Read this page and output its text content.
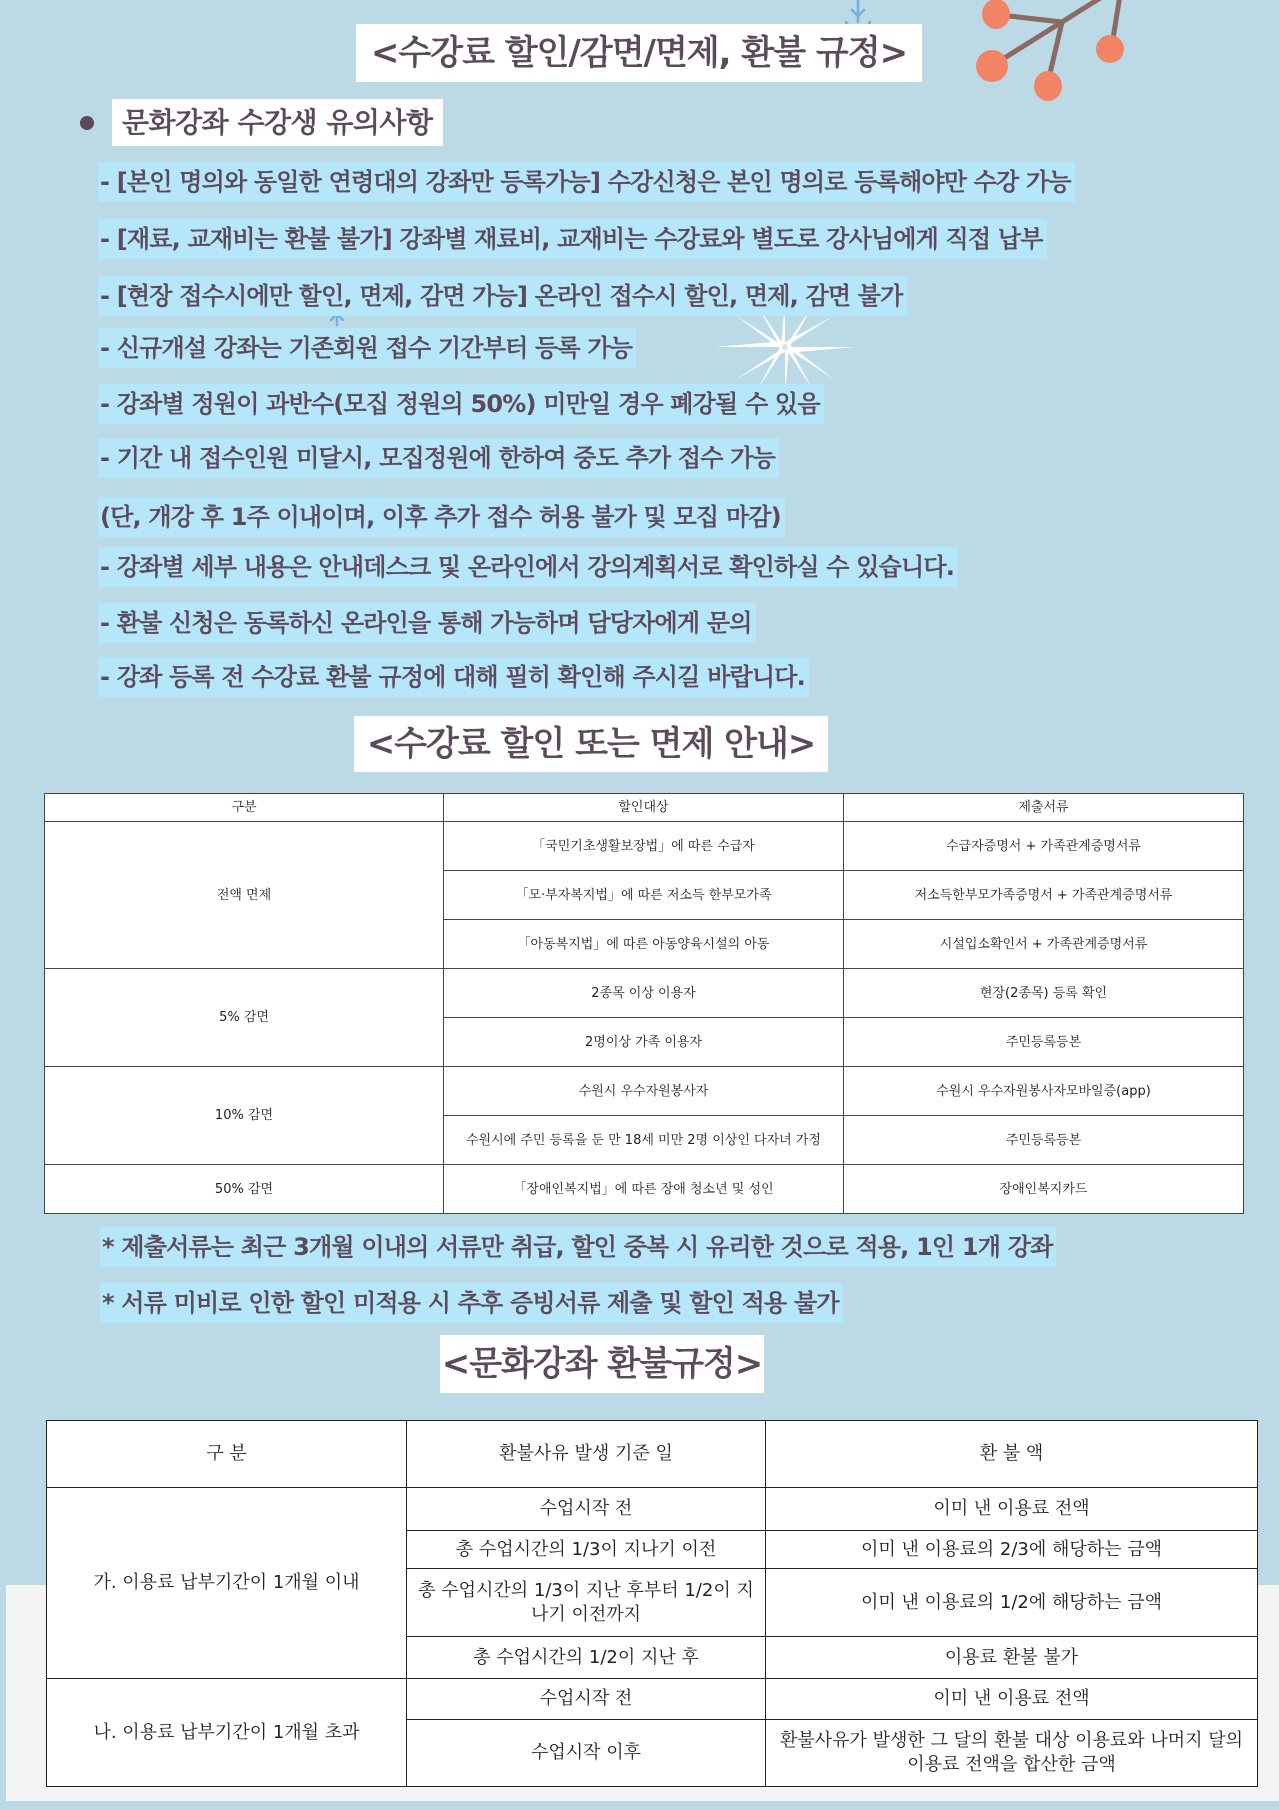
<수강료 할인/감면/면제, 환불 규정>
문화강좌 수강생 유의사항
- [본인 명의와 동일한 연령대의 강좌만 등록가능] 수강신청은 본인 명의로 등록해야만 수강 가능
- [재료, 교재비는 환불 불가] 강좌별 재료비, 교재비는 수강료와 별도로 강사님에게 직접 납부
- [현장 접수시에만 할인, 면제, 감면 가능] 온라인 접수시 할인, 면제, 감면 불가
- 신규개설 강좌는 기존회원 접수 기간부터 등록 가능
- 강좌별 정원이 과반수(모집 정원의 50%) 미만일 경우 폐강될 수 있음
- 기간 내 접수인원 미달시, 모집정원에 한하여 중도 추가 접수 가능
(단, 개강 후 1주 이내이며, 이후 추가 접수 허용 불가 및 모집 마감)
- 강좌별 세부 내용은 안내데스크 및 온라인에서 강의계획서로 확인하실 수 있습니다.
- 환불 신청은 동록하신 온라인을 통해 가능하며 담당자에게 문의
- 강좌 등록 전 수강료 환불 규정에 대해 필히 확인해 주시길 바랍니다.
<수강료 할인 또는 면제 안내>
구분	할인대상	제출서류
전액 면제	「국민기초생활보장법」에 따른 수급자	수급자증명서 + 가족관계증명서류
	「모·부자복지법」에 따른 저소득 한부모가족	저소득한부모가족증명서 + 가족관계증명서류
	「아동복지법」에 따른 아동양육시설의 아동	시설입소확인서 + 가족관계증명서류
5% 감면	2종목 이상 이용자	현장(2종목) 등록 확인
	2명이상 가족 이용자	주민등록등본
10% 감면	수원시 우수자원봉사자	수원시 우수자원봉사자모바일증(app)
	수원시에 주민 등록을 둔 만 18세 미만 2명 이상인 다자녀 가정	주민등록등본
50% 감면	「장애인복지법」에 따른 장애 청소년 및 성인	장애인복지카드
* 제출서류는 최근 3개월 이내의 서류만 취급, 할인 중복 시 유리한 것으로 적용, 1인 1개 강좌
* 서류 미비로 인한 할인 미적용 시 추후 증빙서류 제출 및 할인 적용 불가
<문화강좌 환불규정>
구 분	환불사유 발생 기준 일	환 불 액
가. 이용료 납부기간이 1개월 이내	수업시작 전	이미 낸 이용료 전액
	총 수업시간의 1/3이 지나기 이전	이미 낸 이용료의 2/3에 해당하는 금액
	총 수업시간의 1/3이 지난 후부터 1/2이 지나기 이전까지	이미 낸 이용료의 1/2에 해당하는 금액
	총 수업시간의 1/2이 지난 후	이용료 환불 불가
나. 이용료 납부기간이 1개월 초과	수업시작 전	이미 낸 이용료 전액
	수업시작 이후	환불사유가 발생한 그 달의 환불 대상 이용료와 나머지 달의 이용료 전액을 합산한 금액
